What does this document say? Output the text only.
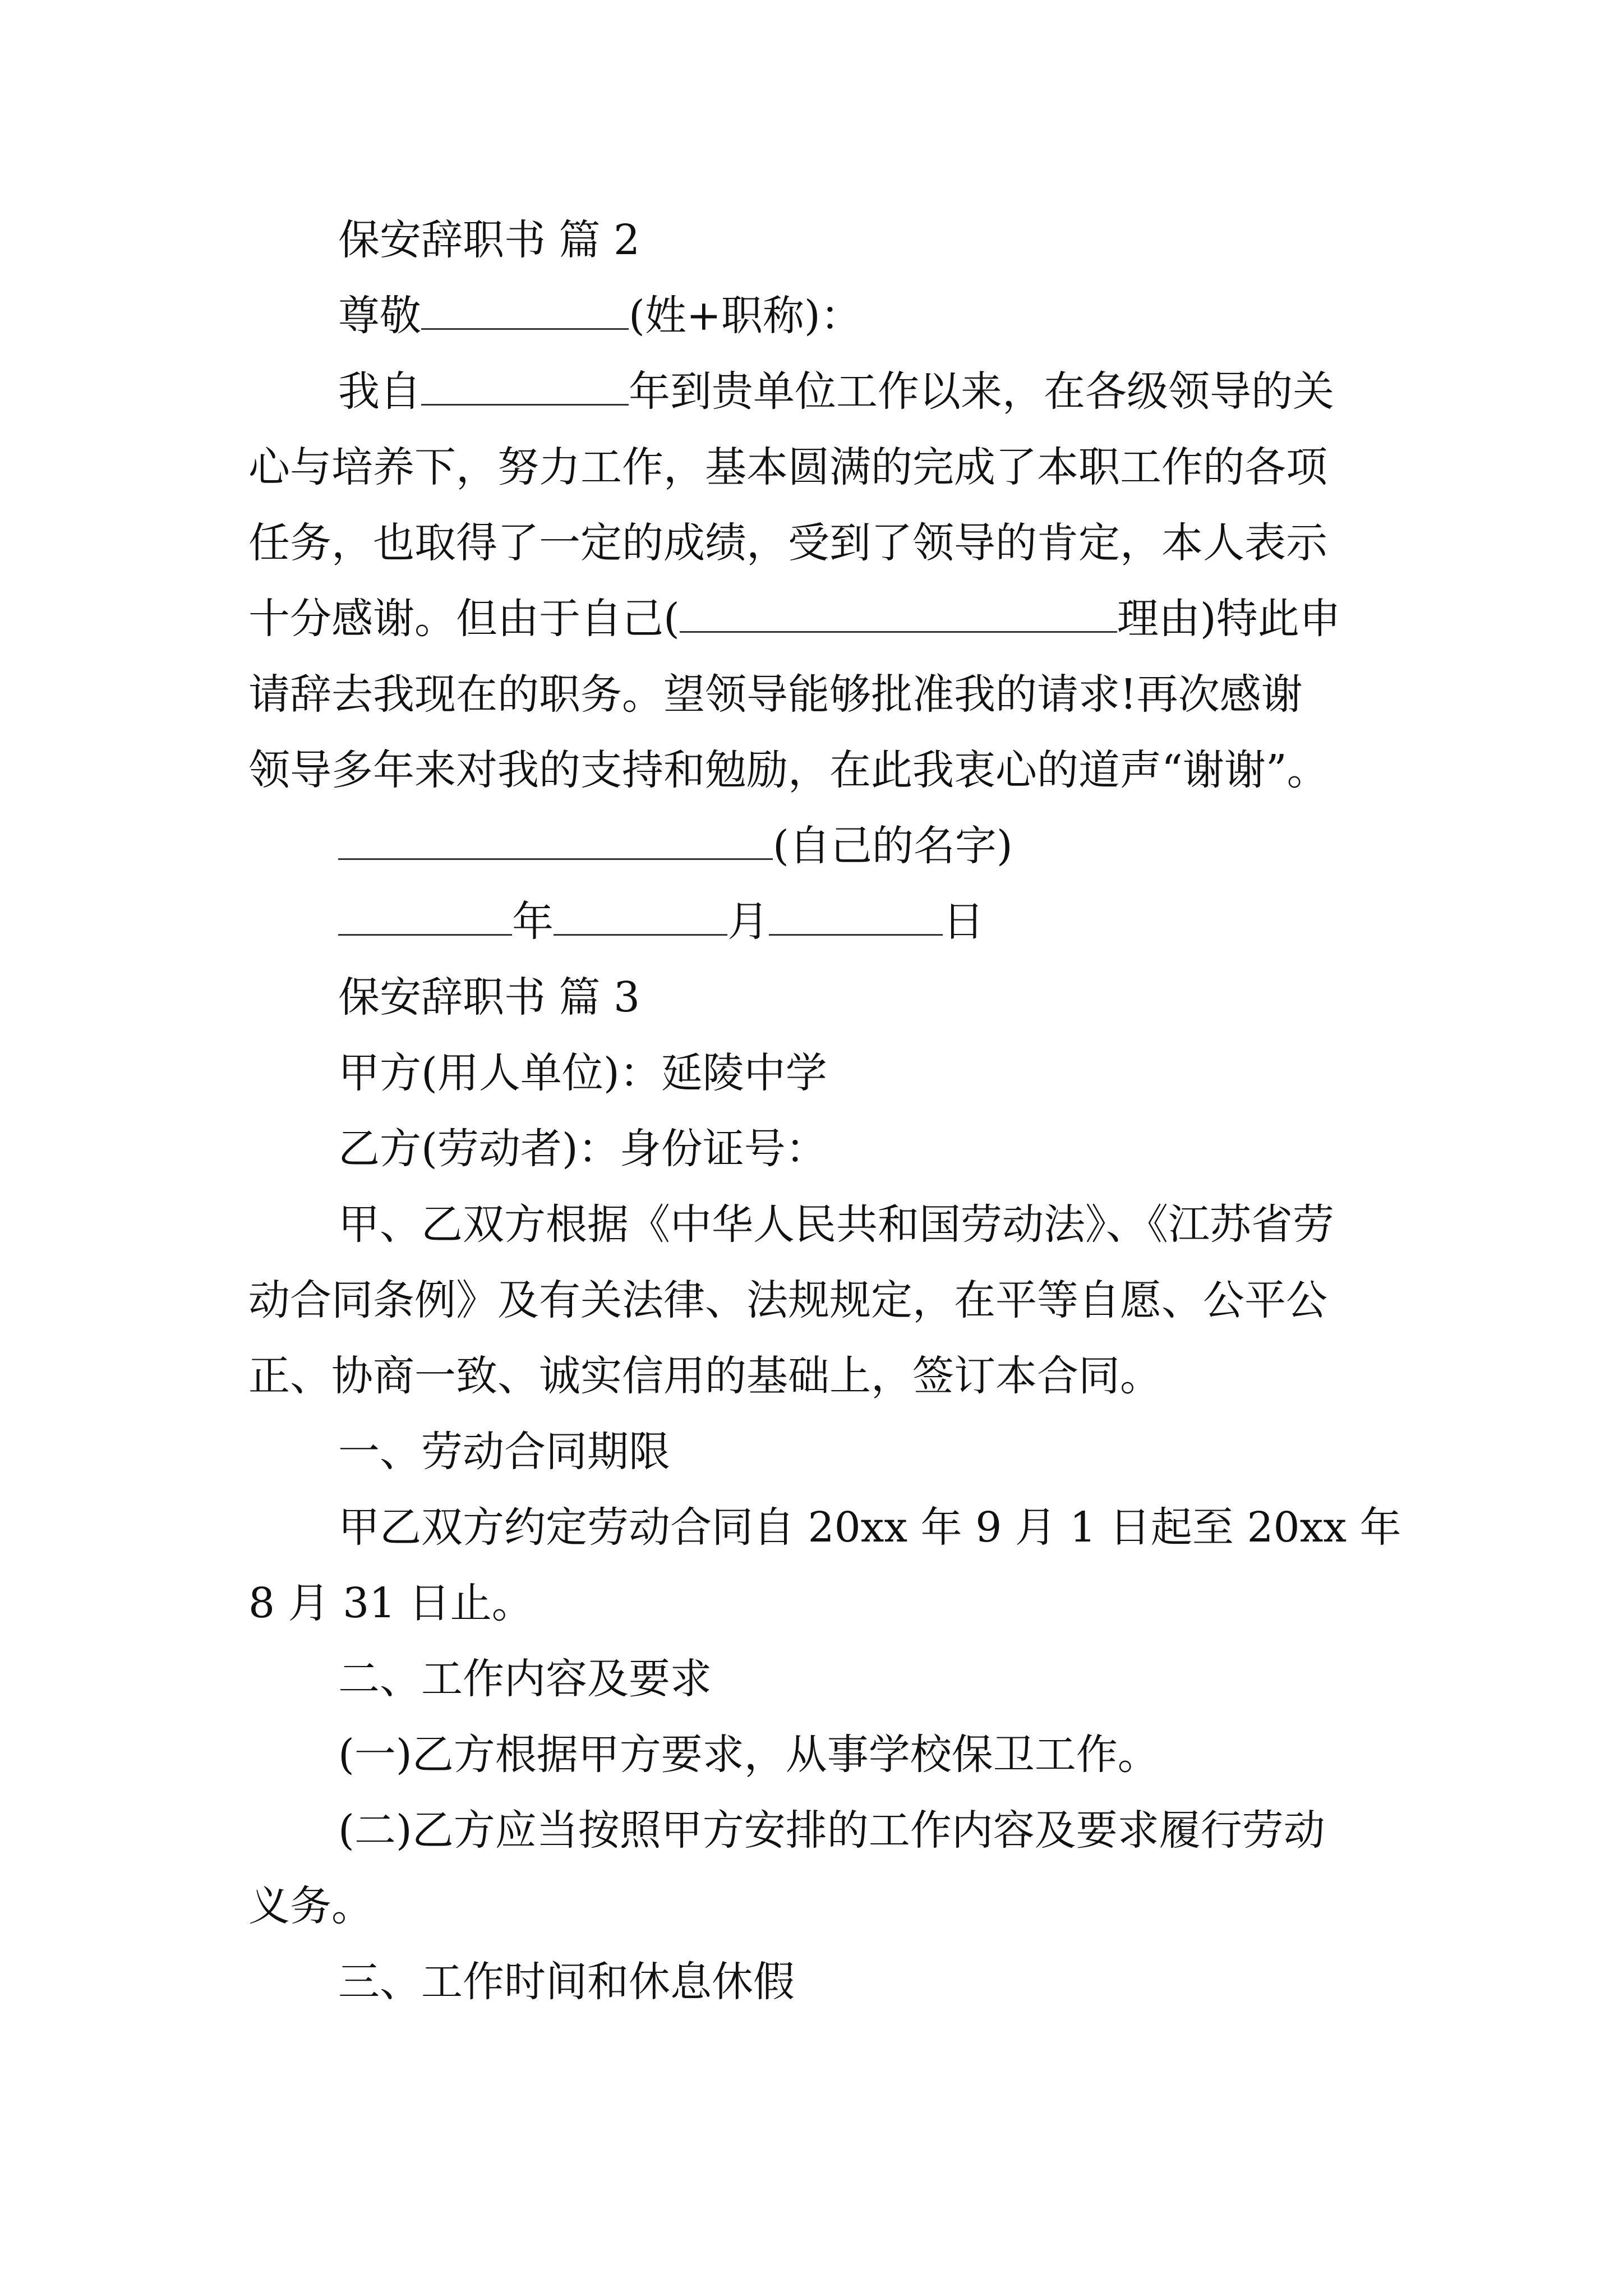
保安辞职书 篇 2

尊敬	(姓+职称)：

我自	年到贵单位工作以来，在各级领导的关

心与培养下，努力工作，基本圆满的完成了本职工作的各项

任务，也取得了一定的成绩，受到了领导的肯定，本人表示

十分感谢。但由于自己(	理由)特此申

请辞去我现在的职务。望领导能够批准我的请求!再次感谢

领导多年来对我的支持和勉励，在此我衷心的道声“谢谢”。

(自己的名字)

年	月	日

保安辞职书 篇 3

甲方(用人单位)：延陵中学

乙方(劳动者)：身份证号：

甲、乙双方根据《中华人民共和国劳动法》、《江苏省劳

动合同条例》及有关法律、法规规定，在平等自愿、公平公

正、协商一致、诚实信用的基础上，签订本合同。

一、劳动合同期限

甲乙双方约定劳动合同自 20xx 年 9 月 1 日起至 20xx 年

8 月 31 日止。

二、工作内容及要求

(一)乙方根据甲方要求，从事学校保卫工作。

(二)乙方应当按照甲方安排的工作内容及要求履行劳动

义务。

三、工作时间和休息休假
